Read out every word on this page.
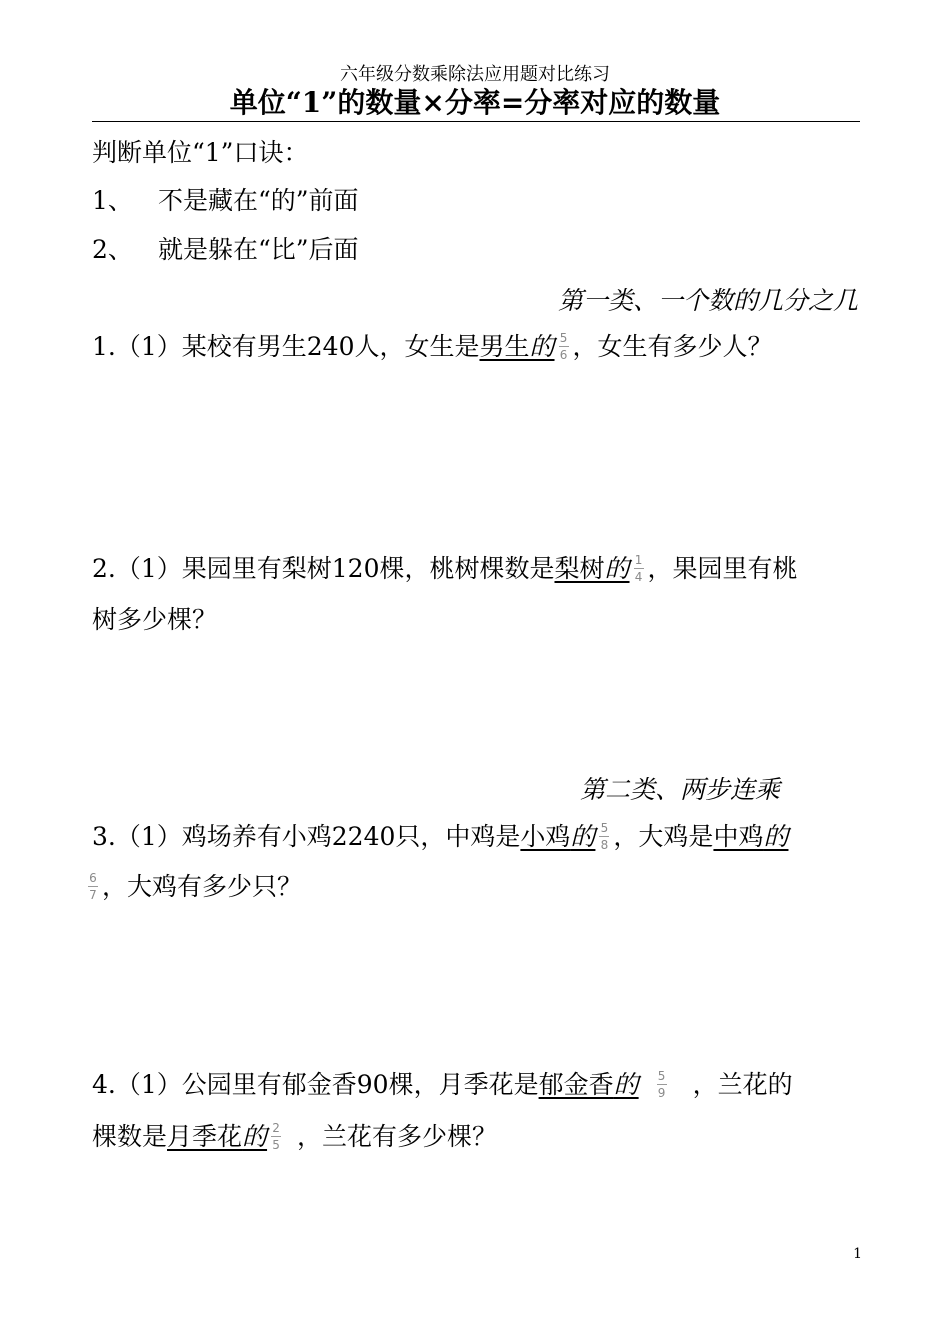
六年级分数乘除法应用题对比练习
单位“1”的数量×分率=分率对应的数量
判断单位“1”口诀：
1、 不是藏在“的”前面
2、 就是躲在“比”后面
第一类、一个数的几分之几
1.（1）某校有男生240人，女生是男生的 $\frac{5}{6}$ ，女生有多少人？
2.（1）果园里有梨树120棵，桃树棵数是梨树的 $\frac{1}{4}$ ，果园里有桃
树多少棵？
第二类、两步连乘
3.（1）鸡场养有小鸡2240只，中鸡是小鸡的 $\frac{5}{8}$ ，大鸡是中鸡的
$\frac{6}{7}$ ，大鸡有多少只？
4.（1）公园里有郁金香90棵，月季花是郁金香的 $\frac{5}{9}$ ，兰花的
棵数是月季花的 $\frac{2}{5}$ ，兰花有多少棵？
1
